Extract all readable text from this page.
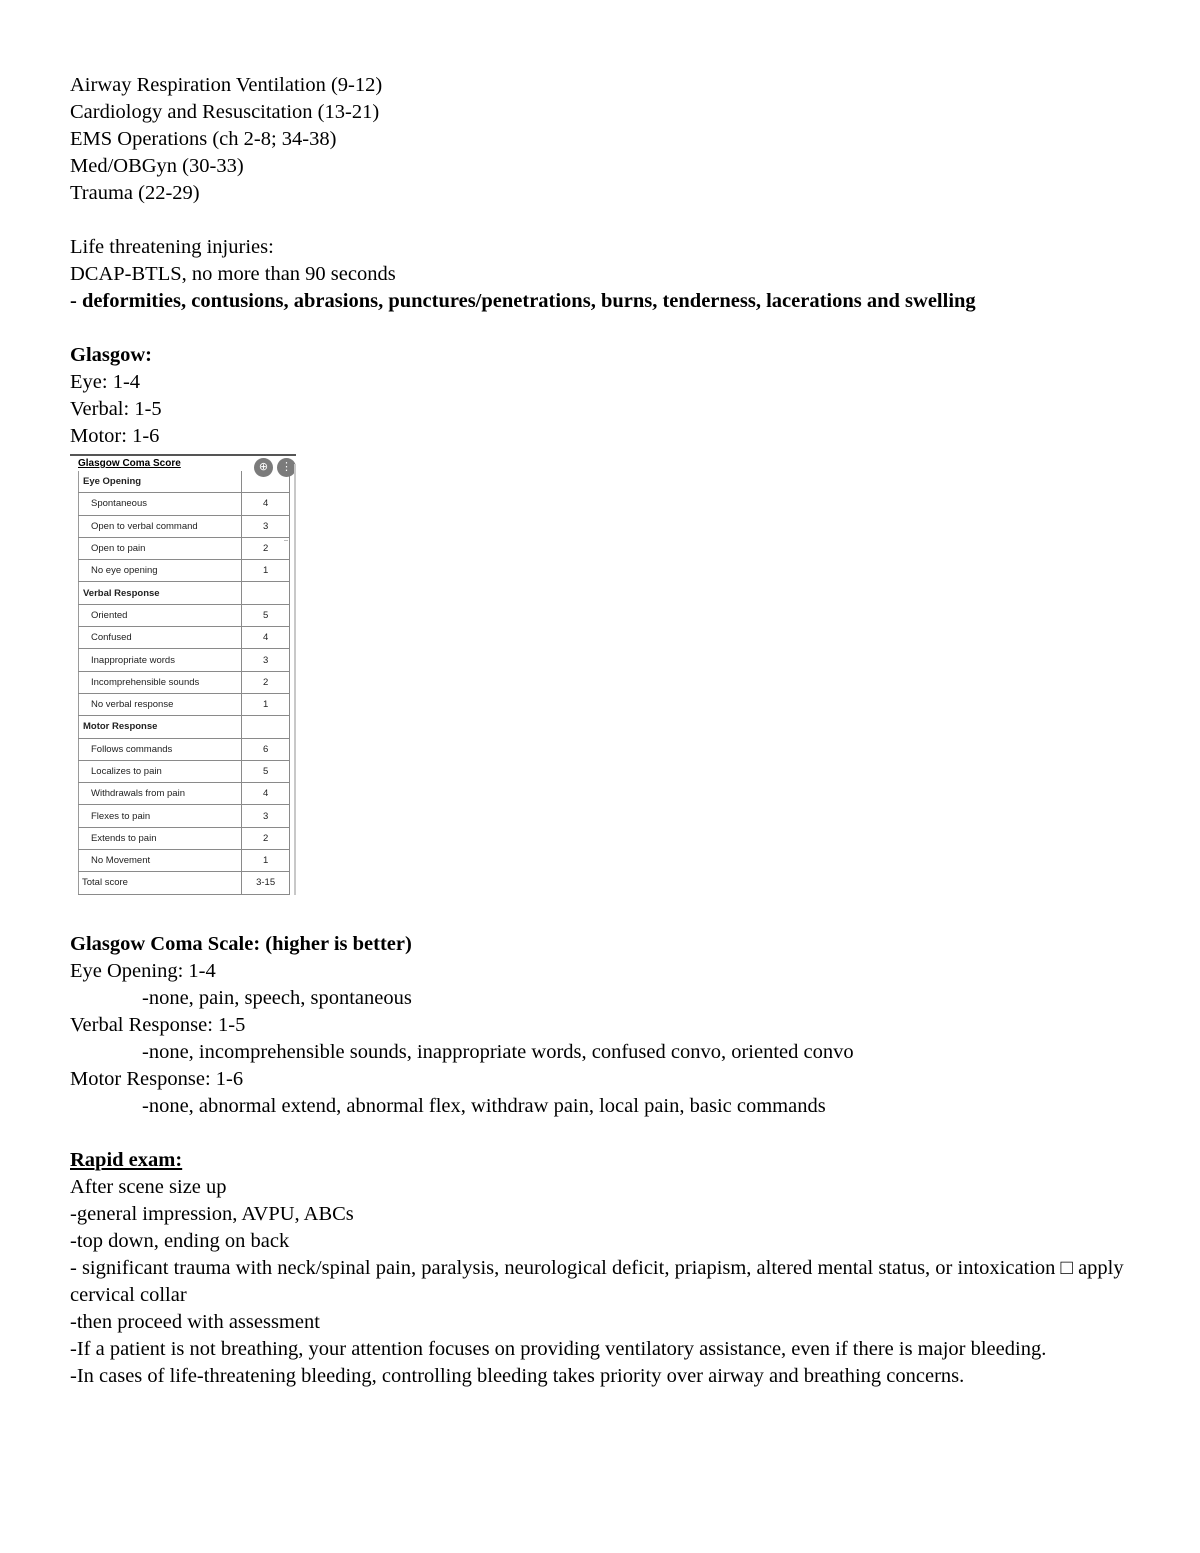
Airway Respiration Ventilation (9-12)
Cardiology and Resuscitation (13-21)
EMS Operations (ch 2-8; 34-38)
Med/OBGyn (30-33)
Trauma (22-29)
Life threatening injuries:
DCAP-BTLS, no more than 90 seconds
- deformities, contusions, abrasions, punctures/penetrations, burns, tenderness, lacerations and swelling
Glasgow:
Eye: 1-4
Verbal: 1-5
Motor: 1-6
Glasgow Coma Score	⊕	⋮
Eye Opening	
Spontaneous	4
Open to verbal command	3
Open to pain	2
No eye opening	1
Verbal Response	
Oriented	5
Confused	4
Inappropriate words	3
Incomprehensible sounds	2
No verbal response	1
Motor Response	
Follows commands	6
Localizes to pain	5
Withdrawals from pain	4
Flexes to pain	3
Extends to pain	2
No Movement	1
Total score	3-15
Glasgow Coma Scale: (higher is better)
Eye Opening: 1-4
-none, pain, speech, spontaneous
Verbal Response: 1-5
-none, incomprehensible sounds, inappropriate words, confused convo, oriented convo
Motor Response: 1-6
-none, abnormal extend, abnormal flex, withdraw pain, local pain, basic commands
Rapid exam:
After scene size up
-general impression, AVPU, ABCs
-top down, ending on back
- significant trauma with neck/spinal pain, paralysis, neurological deficit, priapism, altered mental status, or intoxication □ apply cervical collar
-then proceed with assessment
-If a patient is not breathing, your attention focuses on providing ventilatory assistance, even if there is major bleeding.
-In cases of life-threatening bleeding, controlling bleeding takes priority over airway and breathing concerns.
